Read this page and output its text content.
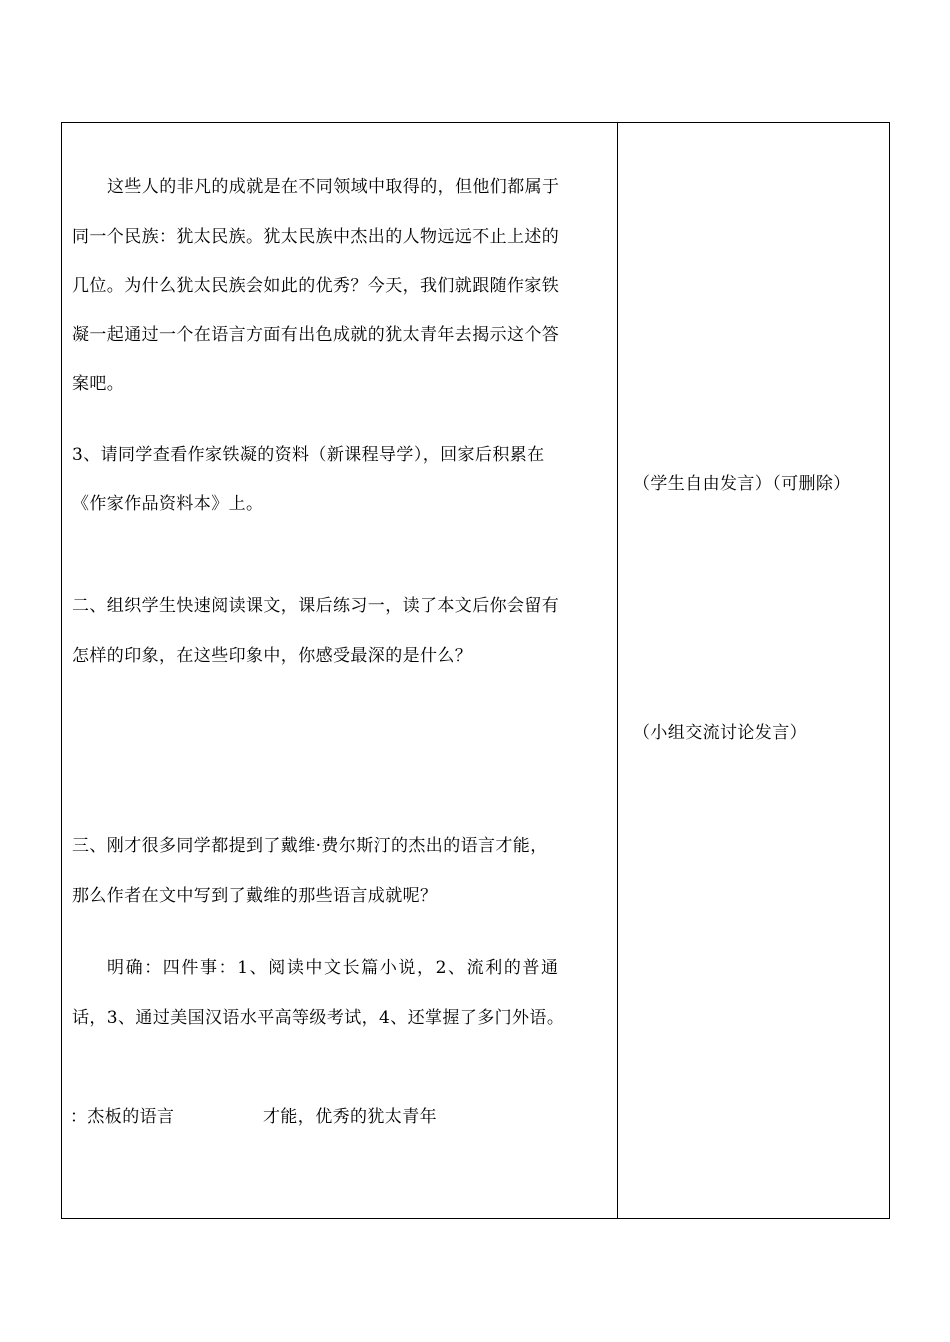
这些人的非凡的成就是在不同领域中取得的，但他们都属于
同一个民族：犹太民族。犹太民族中杰出的人物远远不止上述的
几位。为什么犹太民族会如此的优秀？今天，我们就跟随作家铁
凝一起通过一个在语言方面有出色成就的犹太青年去揭示这个答
案吧。
3、请同学查看作家铁凝的资料（新课程导学），回家后积累在
《作家作品资料本》上。
（学生自由发言）（可删除）
二、组织学生快速阅读课文，课后练习一，读了本文后你会留有
怎样的印象，在这些印象中，你感受最深的是什么？
（小组交流讨论发言）
三、刚才很多同学都提到了戴维·费尔斯汀的杰出的语言才能，
那么作者在文中写到了戴维的那些语言成就呢？
明确：四件事：1、阅读中文长篇小说，2、流利的普通
话，3、通过美国汉语水平高等级考试，4、还掌握了多门外语。
：杰板的语言	才能，优秀的犹太青年
